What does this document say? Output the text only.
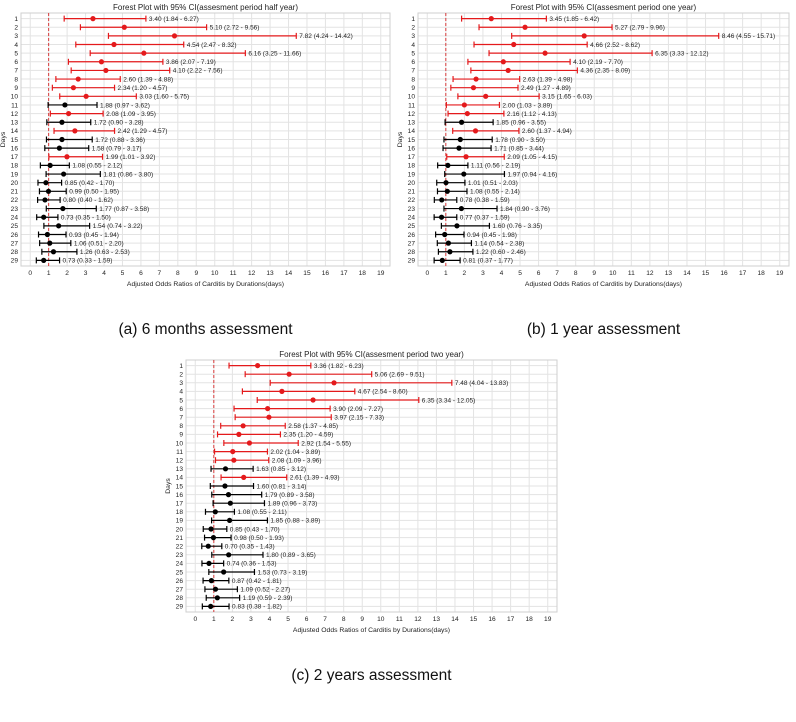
Forest Plot with 95% CI(assesment period half year)
0 1 2 3 4 5 6 7 8 9 10 11 12 13 14 15 16 17 18 19
Adjusted Odds Ratios of Carditis by Durations(days)
Days
1	3.40 (1.84 - 6.27)
2	5.10 (2.72 - 9.56)
3	7.82 (4.24 - 14.42)
4	4.54 (2.47 - 8.32)
5	6.16 (3.25 - 11.66)
6	3.86 (2.07 - 7.19)
7	4.10 (2.22 - 7.56)
8	2.60 (1.39 - 4.88)
9	2.34 (1.20 - 4.57)
10	3.03 (1.60 - 5.75)
11	1.88 (0.97 - 3.62)
12	2.08 (1.09 - 3.95)
13	1.72 (0.90 - 3.28)
14	2.42 (1.29 - 4.57)
15	1.72 (0.88 - 3.36)
16	1.58 (0.79 - 3.17)
17	1.99 (1.01 - 3.92)
18	1.08 (0.55 - 2.12)
19	1.81 (0.86 - 3.80)
20	0.85 (0.42 - 1.70)
21	0.99 (0.50 - 1.95)
22	0.80 (0.40 - 1.62)
23	1.77 (0.87 - 3.58)
24	0.73 (0.35 - 1.50)
25	1.54 (0.74 - 3.22)
26	0.93 (0.45 - 1.94)
27	1.06 (0.51 - 2.20)
28	1.26 (0.63 - 2.53)
29	0.73 (0.33 - 1.59)
(a) 6 months assessment
Forest Plot with 95% CI(assesment period one year)
0 1 2 3 4 5 6 7 8 9 10 11 12 13 14 15 16 17 18 19
Adjusted Odds Ratios of Carditis by Durations(days)
Days
1	3.45 (1.85 - 6.42)
2	5.27 (2.79 - 9.96)
3	8.46 (4.55 - 15.71)
4	4.66 (2.52 - 8.62)
5	6.35 (3.33 - 12.12)
6	4.10 (2.19 - 7.70)
7	4.36 (2.35 - 8.09)
8	2.63 (1.39 - 4.98)
9	2.49 (1.27 - 4.89)
10	3.15 (1.65 - 6.03)
11	2.00 (1.03 - 3.89)
12	2.16 (1.12 - 4.13)
13	1.85 (0.96 - 3.55)
14	2.60 (1.37 - 4.94)
15	1.78 (0.90 - 3.50)
16	1.71 (0.85 - 3.44)
17	2.09 (1.05 - 4.15)
18	1.11 (0.56 - 2.19)
19	1.97 (0.94 - 4.16)
20	1.01 (0.51 - 2.03)
21	1.08 (0.55 - 2.14)
22	0.78 (0.38 - 1.59)
23	1.84 (0.90 - 3.76)
24	0.77 (0.37 - 1.59)
25	1.60 (0.76 - 3.35)
26	0.94 (0.45 - 1.98)
27	1.14 (0.54 - 2.38)
28	1.22 (0.60 - 2.46)
29	0.81 (0.37 - 1.77)
(b) 1 year assessment
Forest Plot with 95% CI(assesment period two year)
0 1 2 3 4 5 6 7 8 9 10 11 12 13 14 15 16 17 18 19
Adjusted Odds Ratios of Carditis by Durations(days)
Days
1	3.36 (1.82 - 6.23)
2	5.06 (2.69 - 9.51)
3	7.48 (4.04 - 13.83)
4	4.67 (2.54 - 8.60)
5	6.35 (3.34 - 12.05)
6	3.90 (2.09 - 7.27)
7	3.97 (2.15 - 7.33)
8	2.58 (1.37 - 4.85)
9	2.35 (1.20 - 4.59)
10	2.92 (1.54 - 5.55)
11	2.02 (1.04 - 3.89)
12	2.08 (1.09 - 3.96)
13	1.63 (0.85 - 3.12)
14	2.61 (1.39 - 4.93)
15	1.60 (0.81 - 3.14)
16	1.79 (0.89 - 3.58)
17	1.89 (0.96 - 3.73)
18	1.08 (0.55 - 2.11)
19	1.85 (0.88 - 3.89)
20	0.85 (0.43 - 1.70)
21	0.98 (0.50 - 1.93)
22	0.70 (0.35 - 1.43)
23	1.80 (0.89 - 3.65)
24	0.74 (0.36 - 1.53)
25	1.53 (0.73 - 3.19)
26	0.87 (0.42 - 1.81)
27	1.09 (0.52 - 2.27)
28	1.19 (0.59 - 2.39)
29	0.83 (0.38 - 1.82)
(c) 2 years assessment
